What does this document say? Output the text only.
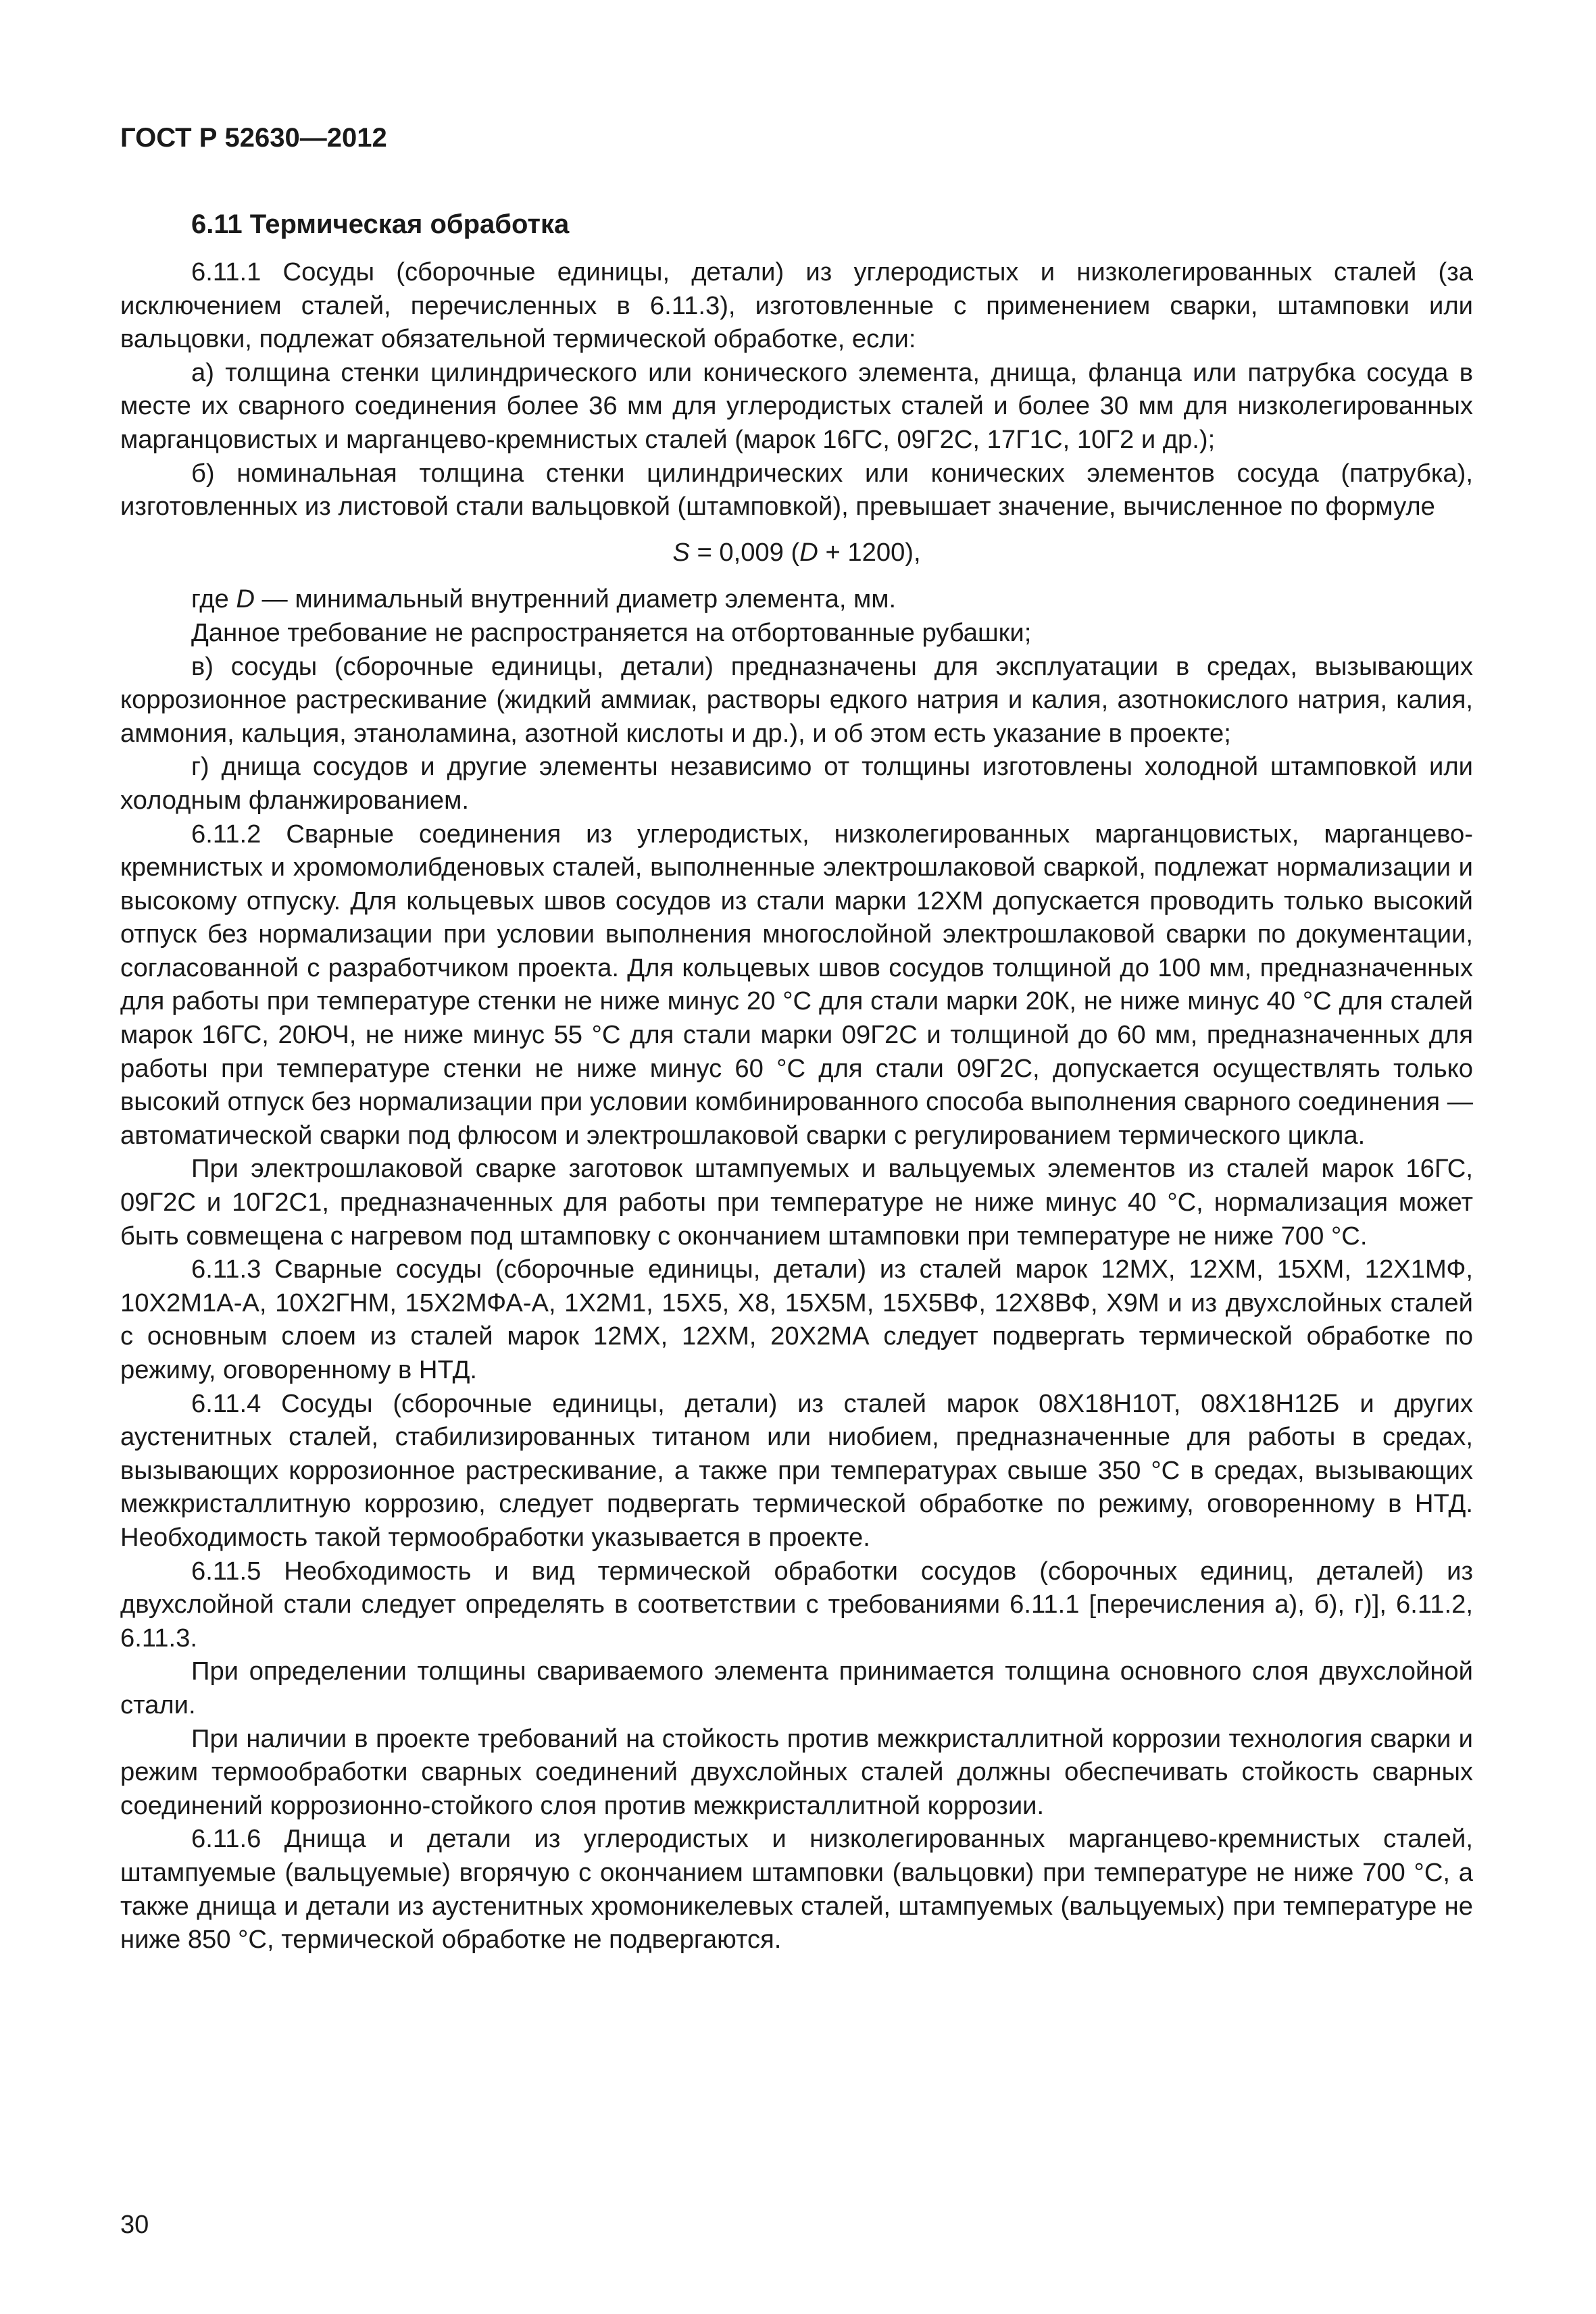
ГОСТ Р 52630—2012
6.11 Термическая обработка

6.11.1 Сосуды (сборочные единицы, детали) из углеродистых и низколегированных сталей (за исключением сталей, перечисленных в 6.11.3), изготовленные с применением сварки, штамповки или вальцовки, подлежат обязательной термической обработке, если:

а) толщина стенки цилиндрического или конического элемента, днища, фланца или патрубка сосуда в месте их сварного соединения более 36 мм для углеродистых сталей и более 30 мм для низколегированных марганцовистых и марганцево-кремнистых сталей (марок 16ГС, 09Г2С, 17Г1С, 10Г2 и др.);

б) номинальная толщина стенки цилиндрических или конических элементов сосуда (патрубка), изготовленных из листовой стали вальцовкой (штамповкой), превышает значение, вычисленное по формуле

S = 0,009 (D + 1200),

где D — минимальный внутренний диаметр элемента, мм.

Данное требование не распространяется на отбортованные рубашки;

в) сосуды (сборочные единицы, детали) предназначены для эксплуатации в средах, вызывающих коррозионное растрескивание (жидкий аммиак, растворы едкого натрия и калия, азотнокислого натрия, калия, аммония, кальция, этаноламина, азотной кислоты и др.), и об этом есть указание в проекте;

г) днища сосудов и другие элементы независимо от толщины изготовлены холодной штамповкой или холодным фланжированием.

6.11.2 Сварные соединения из углеродистых, низколегированных марганцовистых, марганцево-кремнистых и хромомолибденовых сталей, выполненные электрошлаковой сваркой, подлежат нормализации и высокому отпуску. Для кольцевых швов сосудов из стали марки 12ХМ допускается проводить только высокий отпуск без нормализации при условии выполнения многослойной электрошлаковой сварки по документации, согласованной с разработчиком проекта. Для кольцевых швов сосудов толщиной до 100 мм, предназначенных для работы при температуре стенки не ниже минус 20 °С для стали марки 20К, не ниже минус 40 °С для сталей марок 16ГС, 20ЮЧ, не ниже минус 55 °С для стали марки 09Г2С и толщиной до 60 мм, предназначенных для работы при температуре стенки не ниже минус 60 °С для стали 09Г2С, допускается осуществлять только высокий отпуск без нормализации при условии комбинированного способа выполнения сварного соединения — автоматической сварки под флюсом и электрошлаковой сварки с регулированием термического цикла.

При электрошлаковой сварке заготовок штампуемых и вальцуемых элементов из сталей марок 16ГС, 09Г2С и 10Г2С1, предназначенных для работы при температуре не ниже минус 40 °С, нормализация может быть совмещена с нагревом под штамповку с окончанием штамповки при температуре не ниже 700 °С.

6.11.3 Сварные сосуды (сборочные единицы, детали) из сталей марок 12МХ, 12ХМ, 15ХМ, 12Х1МФ, 10Х2М1А-А, 10Х2ГНМ, 15Х2МФА-А, 1Х2М1, 15Х5, Х8, 15Х5М, 15Х5ВФ, 12Х8ВФ, Х9М и из двухслойных сталей с основным слоем из сталей марок 12МХ, 12ХМ, 20Х2МА следует подвергать термической обработке по режиму, оговоренному в НТД.

6.11.4 Сосуды (сборочные единицы, детали) из сталей марок 08Х18Н10Т, 08Х18Н12Б и других аустенитных сталей, стабилизированных титаном или ниобием, предназначенные для работы в средах, вызывающих коррозионное растрескивание, а также при температурах свыше 350 °С в средах, вызывающих межкристаллитную коррозию, следует подвергать термической обработке по режиму, оговоренному в НТД. Необходимость такой термообработки указывается в проекте.

6.11.5 Необходимость и вид термической обработки сосудов (сборочных единиц, деталей) из двухслойной стали следует определять в соответствии с требованиями 6.11.1 [перечисления а), б), г)], 6.11.2, 6.11.3.

При определении толщины свариваемого элемента принимается толщина основного слоя двухслойной стали.

При наличии в проекте требований на стойкость против межкристаллитной коррозии технология сварки и режим термообработки сварных соединений двухслойных сталей должны обеспечивать стойкость сварных соединений коррозионно-стойкого слоя против межкристаллитной коррозии.

6.11.6 Днища и детали из углеродистых и низколегированных марганцево-кремнистых сталей, штампуемые (вальцуемые) вгорячую с окончанием штамповки (вальцовки) при температуре не ниже 700 °С, а также днища и детали из аустенитных хромоникелевых сталей, штампуемых (вальцуемых) при температуре не ниже 850 °С, термической обработке не подвергаются.

30
